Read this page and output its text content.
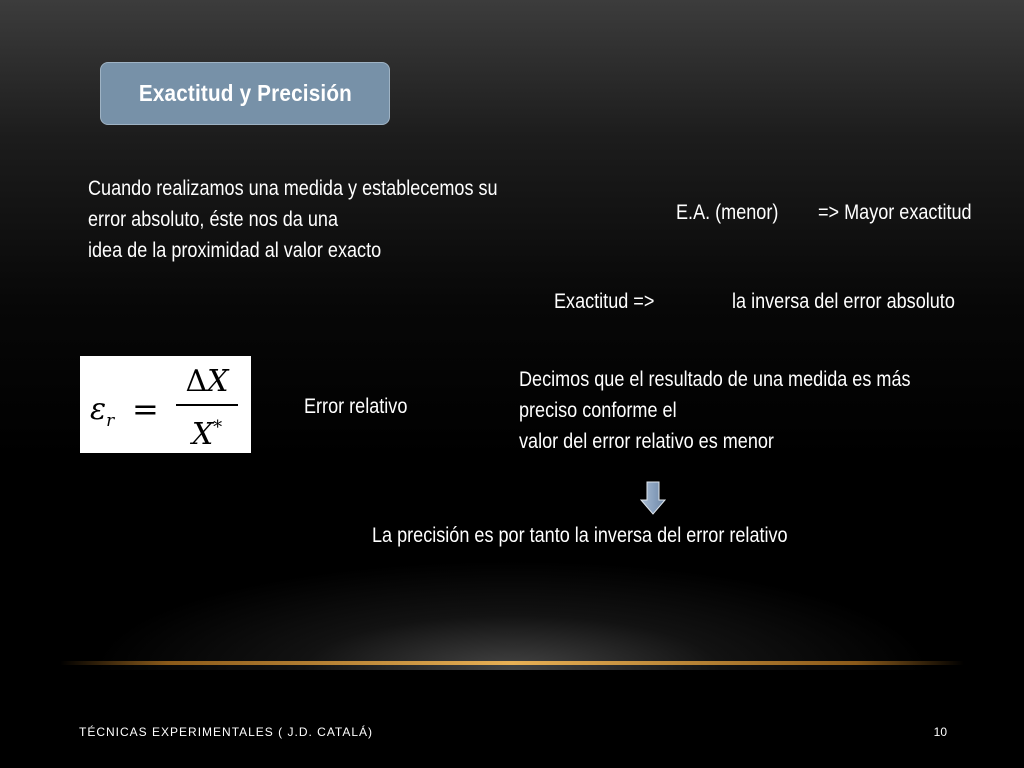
Exactitud y Precisión
Cuando realizamos una medida y establecemos su
error absoluto, éste nos da una
idea de la proximidad al valor exacto
E.A. (menor) => Mayor exactitud
Exactitud =>	la inversa del error absoluto
$\varepsilon_r$ =
ΔX
X*
Error relativo
Decimos que el resultado de una medida es más
preciso conforme el
valor del error relativo es menor
La precisión es por tanto la inversa del error relativo
TÉCNICAS EXPERIMENTALES ( J.D. CATALÁ)	10
